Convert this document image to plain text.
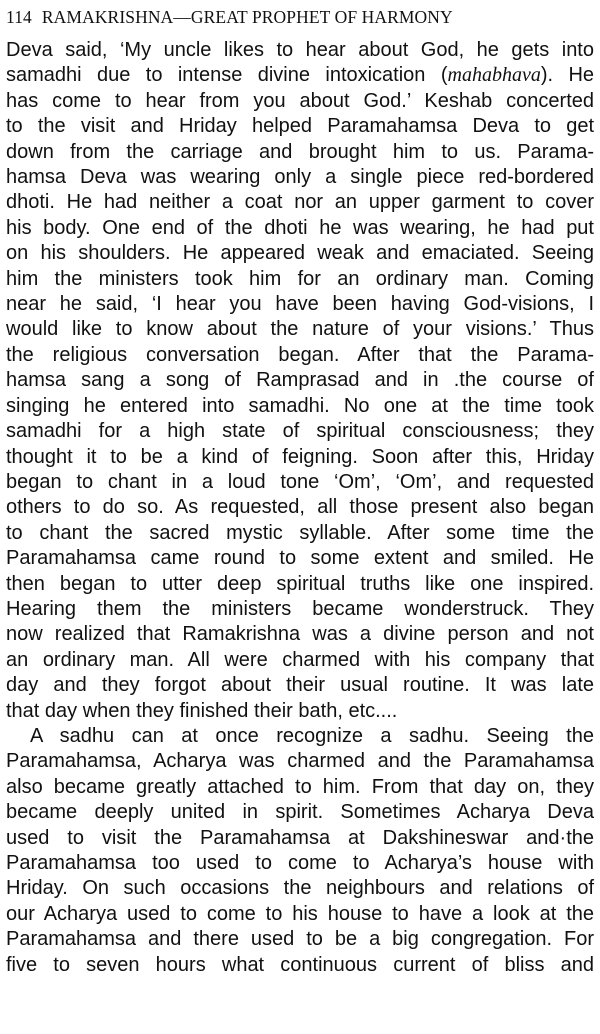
114 RAMAKRISHNA—GREAT PROPHET OF HARMONY
Deva said, ‘My uncle likes to hear about God, he gets into
samadhi due to intense divine intoxication (mahabhava). He
has come to hear from you about God.’ Keshab concerted
to the visit and Hriday helped Paramahamsa Deva to get
down from the carriage and brought him to us. Parama-
hamsa Deva was wearing only a single piece red-bordered
dhoti. He had neither a coat nor an upper garment to cover
his body. One end of the dhoti he was wearing, he had put
on his shoulders. He appeared weak and emaciated. Seeing
him the ministers took him for an ordinary man. Coming
near he said, ‘I hear you have been having God-visions, I
would like to know about the nature of your visions.’ Thus
the religious conversation began. After that the Parama-
hamsa sang a song of Ramprasad and in .the course of
singing he entered into samadhi. No one at the time took
samadhi for a high state of spiritual consciousness; they
thought it to be a kind of feigning. Soon after this, Hriday
began to chant in a loud tone ‘Om’, ‘Om’, and requested
others to do so. As requested, all those present also began
to chant the sacred mystic syllable. After some time the
Paramahamsa came round to some extent and smiled. He
then began to utter deep spiritual truths like one inspired.
Hearing them the ministers became wonderstruck. They
now realized that Ramakrishna was a divine person and not
an ordinary man. All were charmed with his company that
day and they forgot about their usual routine. It was late
that day when they finished their bath, etc....
A sadhu can at once recognize a sadhu. Seeing the
Paramahamsa, Acharya was charmed and the Paramahamsa
also became greatly attached to him. From that day on, they
became deeply united in spirit. Sometimes Acharya Deva
used to visit the Paramahamsa at Dakshineswar and·the
Paramahamsa too used to come to Acharya’s house with
Hriday. On such occasions the neighbours and relations of
our Acharya used to come to his house to have a look at the
Paramahamsa and there used to be a big congregation. For
five to seven hours what continuous current of bliss and
